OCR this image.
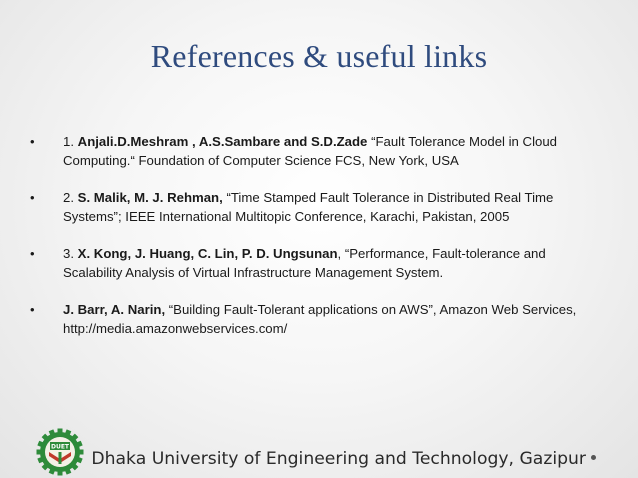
References & useful links
• 1. Anjali.D.Meshram , A.S.Sambare and S.D.Zade “Fault Tolerance Model in Cloud Computing.“ Foundation of Computer Science FCS, New York, USA
• 2. S. Malik, M. J. Rehman, “Time Stamped Fault Tolerance in Distributed Real Time Systems”; IEEE International Multitopic Conference, Karachi, Pakistan, 2005
• 3. X. Kong, J. Huang, C. Lin, P. D. Ungsunan, “Performance, Fault-tolerance and Scalability Analysis of Virtual Infrastructure Management System.
• J. Barr, A. Narin, “Building Fault-Tolerant applications on AWS”, Amazon Web Services, http://media.amazonwebservices.com/
DUET
Dhaka University of Engineering and Technology, Gazipur
